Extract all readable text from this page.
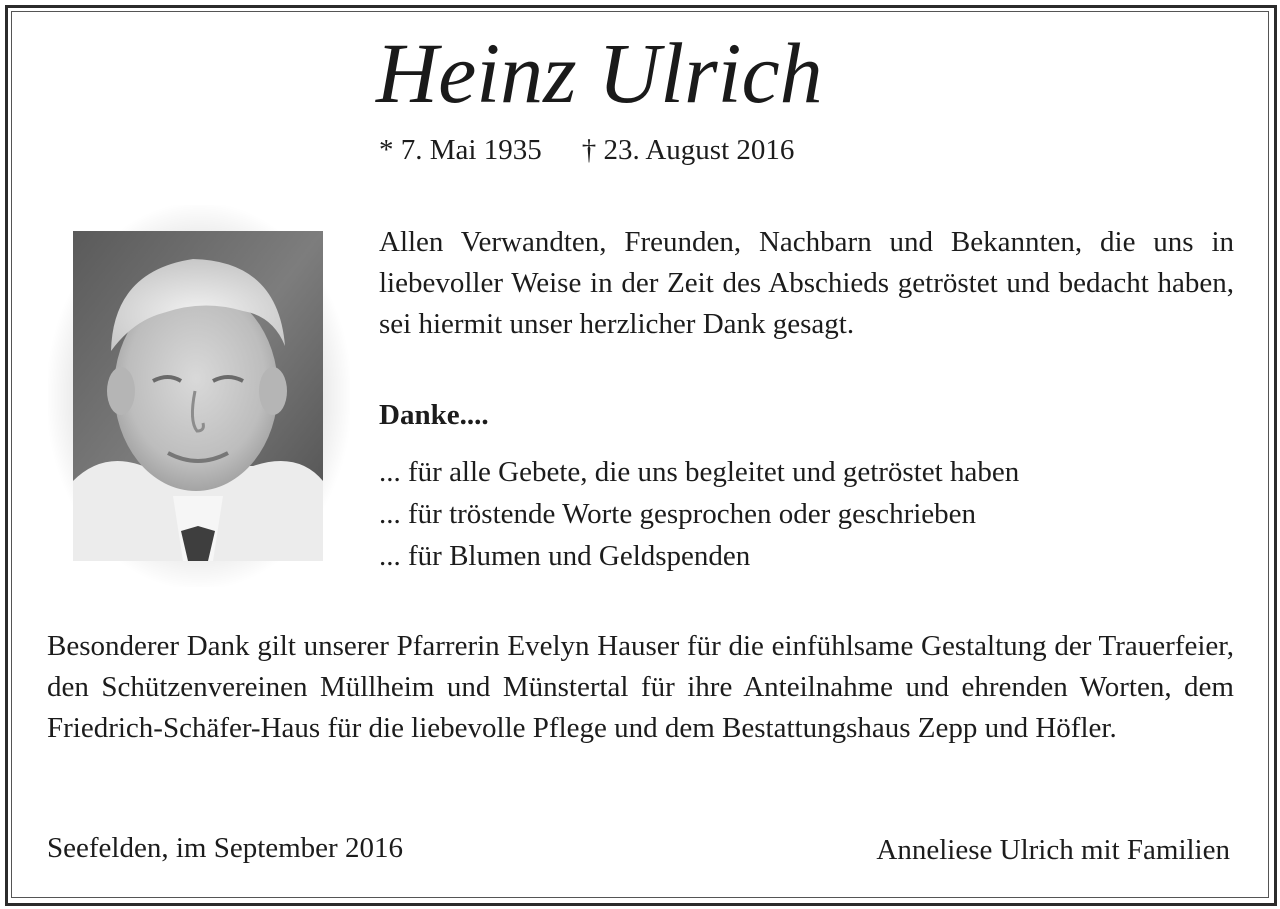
Heinz Ulrich
* 7. Mai 1935 † 23. August 2016
Allen Verwandten, Freunden, Nachbarn und Bekannten, die uns in liebevoller Weise in der Zeit des Abschieds getröstet und bedacht haben, sei hiermit unser herzlicher Dank gesagt.
Danke....
... für alle Gebete, die uns begleitet und getröstet haben
... für tröstende Worte gesprochen oder geschrieben
... für Blumen und Geldspenden
Besonderer Dank gilt unserer Pfarrerin Evelyn Hauser für die einfühlsame Gestaltung der Trauerfeier, den Schützenvereinen Müllheim und Münstertal für ihre Anteilnahme und ehrenden Worten, dem Friedrich-Schäfer-Haus für die liebevolle Pflege und dem Bestattungshaus Zepp und Höfler.
Seefelden, im September 2016	Anneliese Ulrich mit Familien
